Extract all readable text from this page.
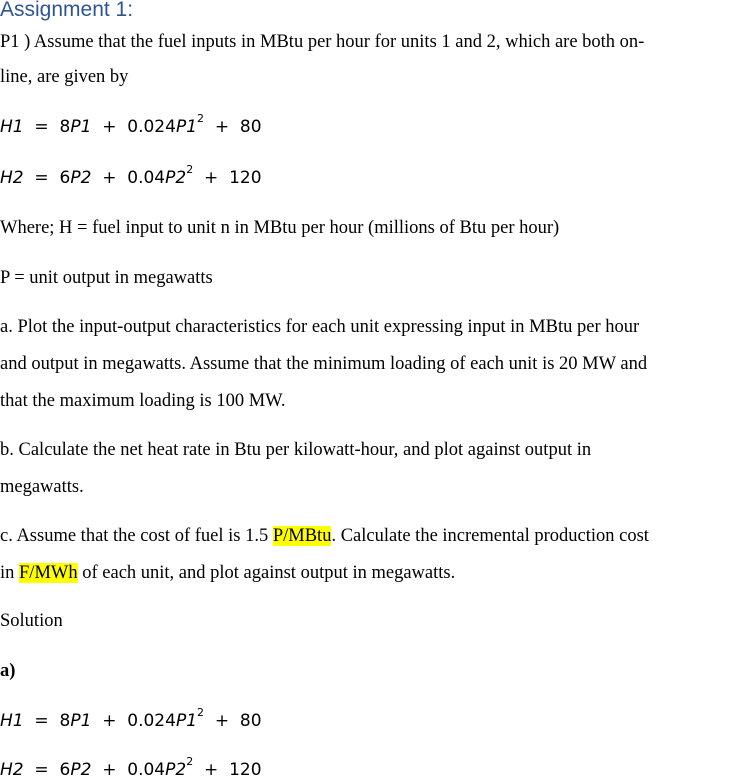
Assignment 1:
P1 ) Assume that the fuel inputs in MBtu per hour for units 1 and 2, which are both on-
line, are given by
$H1 = 8P1 + 0.024P1^2 + 80$
$H2 = 6P2 + 0.04P2^2 + 120$
Where; H = fuel input to unit n in MBtu per hour (millions of Btu per hour)
P = unit output in megawatts
a. Plot the input-output characteristics for each unit expressing input in MBtu per hour
and output in megawatts. Assume that the minimum loading of each unit is 20 MW and
that the maximum loading is 100 MW.
b. Calculate the net heat rate in Btu per kilowatt-hour, and plot against output in
megawatts.
c. Assume that the cost of fuel is 1.5 P/MBtu. Calculate the incremental production cost
in F/MWh of each unit, and plot against output in megawatts.
Solution
a)
$H1 = 8P1 + 0.024P1^2 + 80$
$H2 = 6P2 + 0.04P2^2 + 120$
